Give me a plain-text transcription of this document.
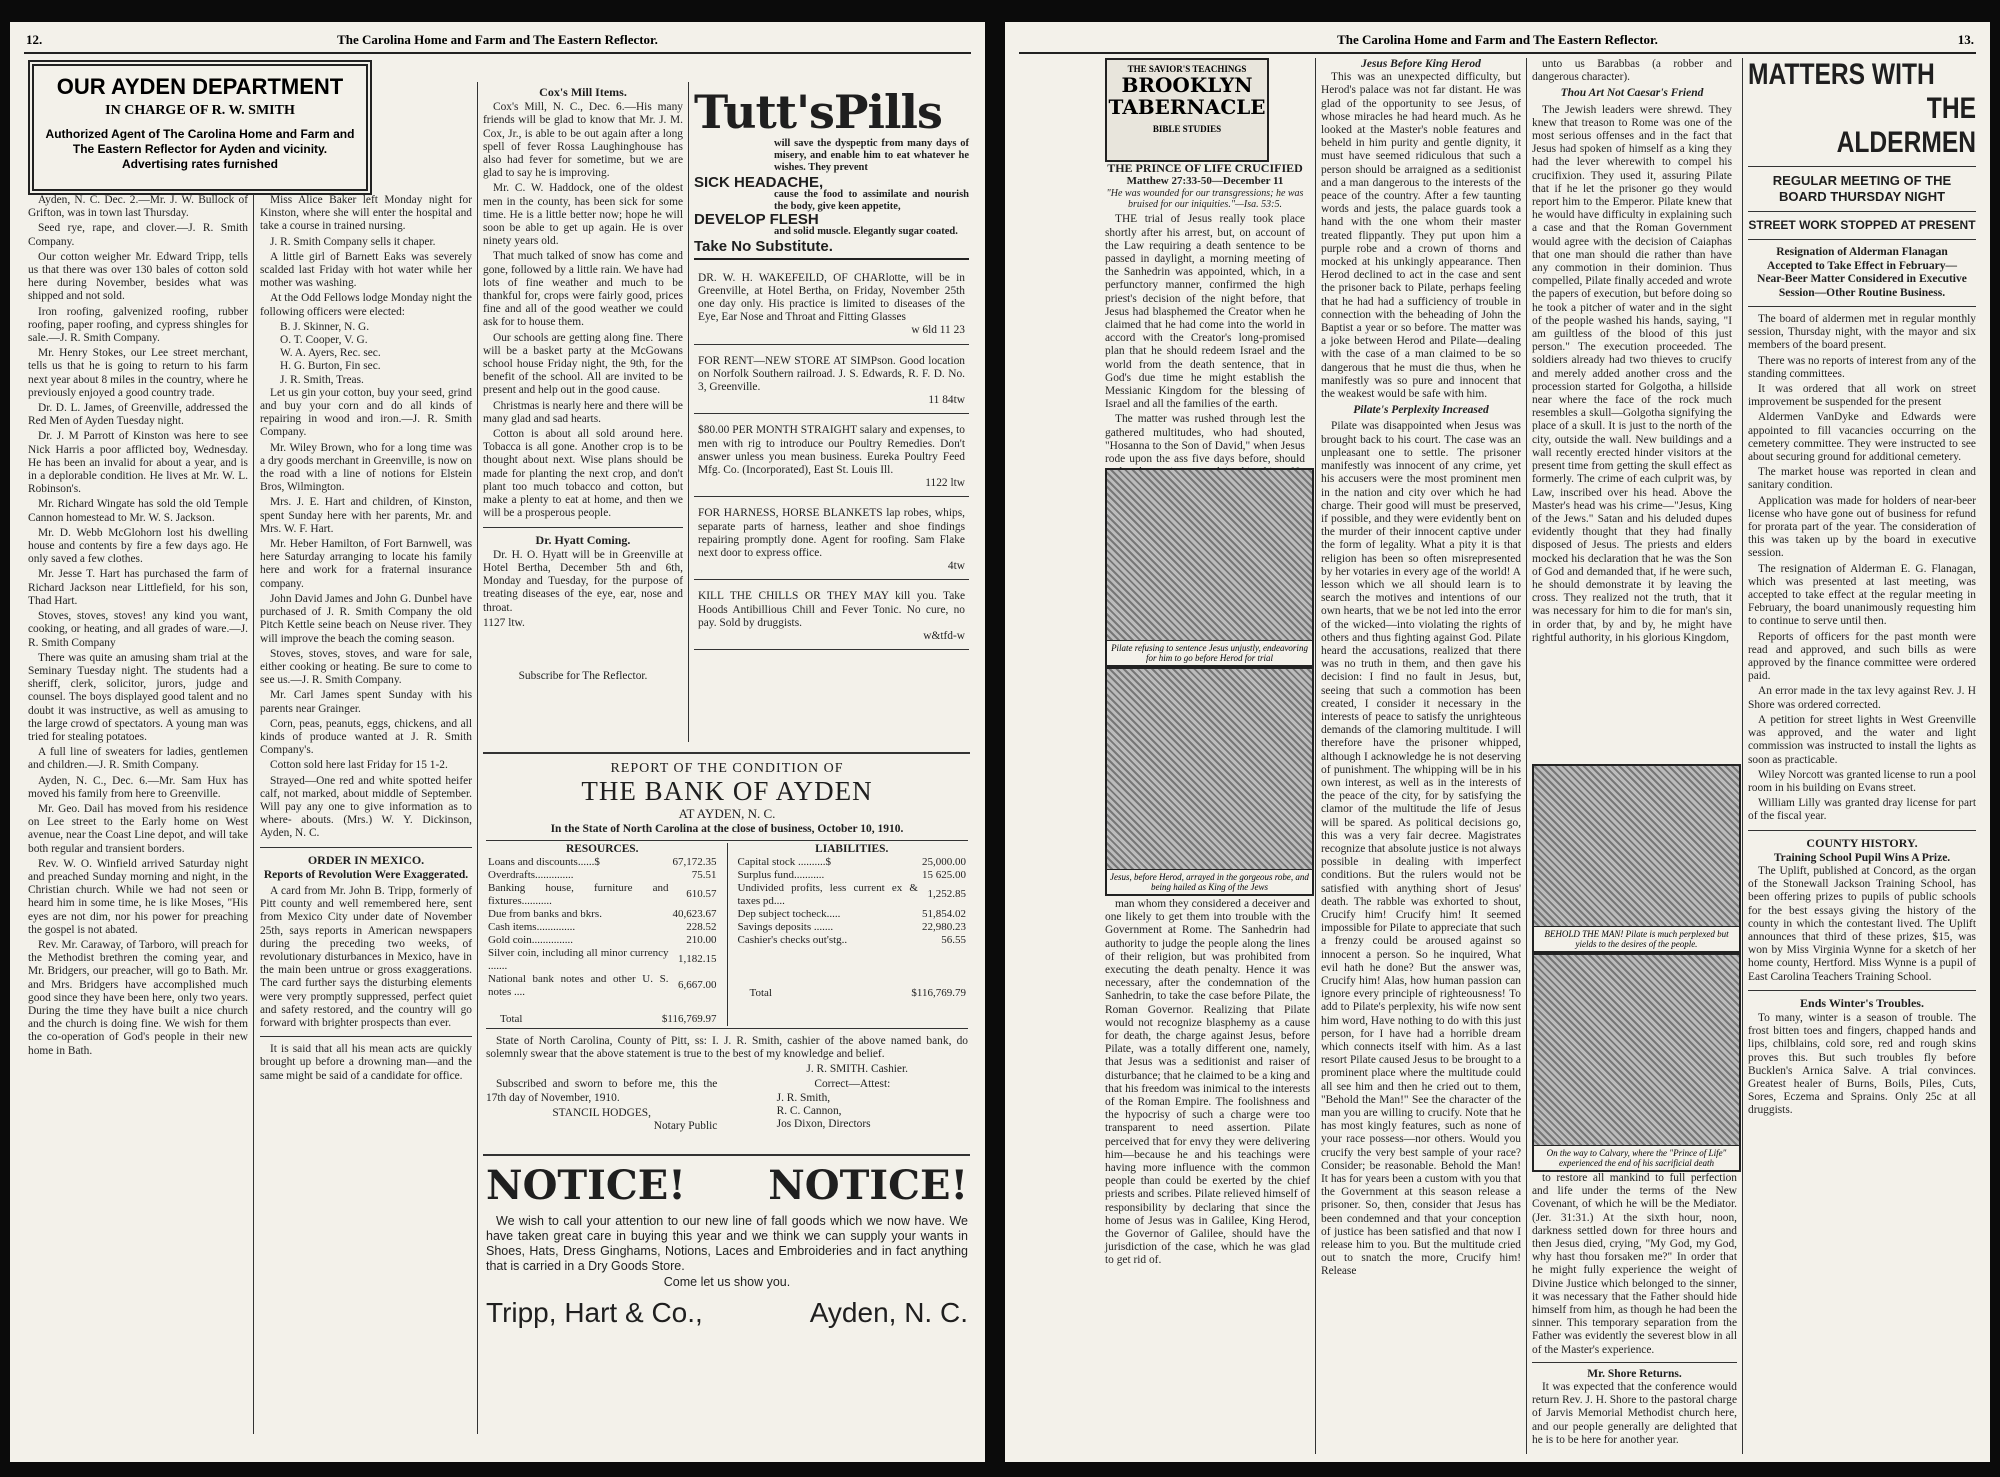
12.	The Carolina Home and Farm and The Eastern Reflector.
OUR AYDEN DEPARTMENT
IN CHARGE OF R. W. SMITH
Authorized Agent of The Carolina Home and Farm and The Eastern Reflector for Ayden and vicinity.
Advertising rates furnished

Ayden, N. C. Dec. 2.—Mr. J. W. Bullock of Grifton, was in town last Thursday.

Seed rye, rape, and clover.—J. R. Smith Company.

Our cotton weigher Mr. Edward Tripp, tells us that there was over 130 bales of cotton sold here during November, besides what was shipped and not sold.

Iron roofing, galvenized roofing, rubber roofing, paper roofing, and cypress shingles for sale.—J. R. Smith Company.

Mr. Henry Stokes, our Lee street merchant, tells us that he is going to return to his farm next year about 8 miles in the country, where he previously enjoyed a good country trade.

Dr. D. L. James, of Greenville, addressed the Red Men of Ayden Tuesday night.

Dr. J. M Parrott of Kinston was here to see Nick Harris a poor afflicted boy, Wednesday. He has been an invalid for about a year, and is in a deplorable condition. He lives at Mr. W. L. Robinson's.

Mr. Richard Wingate has sold the old Temple Cannon homestead to Mr. W. S. Jackson.

Mr. D. Webb McGlohorn lost his dwelling house and contents by fire a few days ago. He only saved a few clothes.

Mr. Jesse T. Hart has purchased the farm of Richard Jackson near Littlefield, for his son, Thad Hart.

Stoves, stoves, stoves! any kind you want, cooking, or heating, and all grades of ware.—J. R. Smith Company

There was quite an amusing sham trial at the Seminary Tuesday night. The students had a sheriff, clerk, solicitor, jurors, judge and counsel. The boys displayed good talent and no doubt it was instructive, as well as amusing to the large crowd of spectators. A young man was tried for stealing potatoes.

A full line of sweaters for ladies, gentlemen and children.—J. R. Smith Company.

Ayden, N. C., Dec. 6.—Mr. Sam Hux has moved his family from here to Greenville.

Mr. Geo. Dail has moved from his residence on Lee street to the Early home on West avenue, near the Coast Line depot, and will take both regular and transient borders.

Rev. W. O. Winfield arrived Saturday night and preached Sunday morning and night, in the Christian church. While we had not seen or heard him in some time, he is like Moses, "His eyes are not dim, nor his power for preaching the gospel is not abated.

Rev. Mr. Caraway, of Tarboro, will preach for the Methodist brethren the coming year, and Mr. Bridgers, our preacher, will go to Bath. Mr. and Mrs. Bridgers have accomplished much good since they have been here, only two years. During the time they have built a nice church and the church is doing fine. We wish for them the co-operation of God's people in their new home in Bath.

Miss Alice Baker left Monday night for Kinston, where she will enter the hospital and take a course in trained nursing.

J. R. Smith Company sells it chaper.

A little girl of Barnett Eaks was severely scalded last Friday with hot water while her mother was washing.

At the Odd Fellows lodge Monday night the following officers were elected:

B. J. Skinner, N. G.

O. T. Cooper, V. G.

W. A. Ayers, Rec. sec.

H. G. Burton, Fin sec.

J. R. Smith, Treas.

Let us gin your cotton, buy your seed, grind and buy your corn and do all kinds of repairing in wood and iron.—J. R. Smith Company.

Mr. Wiley Brown, who for a long time was a dry goods merchant in Greenville, is now on the road with a line of notions for Elstein Bros, Wilmington.

Mrs. J. E. Hart and children, of Kinston, spent Sunday here with her parents, Mr. and Mrs. W. F. Hart.

Mr. Heber Hamilton, of Fort Barnwell, was here Saturday arranging to locate his family here and work for a fraternal insurance company.

John David James and John G. Dunbel have purchased of J. R. Smith Company the old Pitch Kettle seine beach on Neuse river. They will improve the beach the coming season.

Stoves, stoves, stoves, and ware for sale, either cooking or heating. Be sure to come to see us.—J. R. Smith Company.

Mr. Carl James spent Sunday with his parents near Grainger.

Corn, peas, peanuts, eggs, chickens, and all kinds of produce wanted at J. R. Smith Company's.

Cotton sold here last Friday for 15 1-2.

Strayed—One red and white spotted heifer calf, not marked, about middle of September. Will pay any one to give information as to where- abouts. (Mrs.) W. Y. Dickinson, Ayden, N. C.

ORDER IN MEXICO.
Reports of Revolution Were Exaggerated.

A card from Mr. John B. Tripp, formerly of Pitt county and well remembered here, sent from Mexico City under date of November 25th, says reports in American newspapers during the preceding two weeks, of revolutionary disturbances in Mexico, have in the main been untrue or gross exaggerations. The card further says the disturbing elements were very promptly suppressed, perfect quiet and safety restored, and the country will go forward with brighter prospects than ever.

It is said that all his mean acts are quickly brought up before a drowning man—and the same might be said of a candidate for office.

Cox's Mill Items.

Cox's Mill, N. C., Dec. 6.—His many friends will be glad to know that Mr. J. M. Cox, Jr., is able to be out again after a long spell of fever Rossa Laughinghouse has also had fever for sometime, but we are glad to say he is improving.

Mr. C. W. Haddock, one of the oldest men in the county, has been sick for some time. He is a little better now; hope he will soon be able to get up again. He is over ninety years old.

That much talked of snow has come and gone, followed by a little rain. We have had lots of fine weather and much to be thankful for, crops were fairly good, prices fine and all of the good weather we could ask for to house them.

Our schools are getting along fine. There will be a basket party at the McGowans school house Friday night, the 9th, for the benefit of the school. All are invited to be present and help out in the good cause.

Christmas is nearly here and there will be many glad and sad hearts.

Cotton is about all sold around here. Tobacca is all gone. Another crop is to be thought about next. Wise plans should be made for planting the next crop, and don't plant too much tobacco and cotton, but make a plenty to eat at home, and then we will be a prosperous people.

Dr. Hyatt Coming.

Dr. H. O. Hyatt will be in Greenville at Hotel Bertha, December 5th and 6th, Monday and Tuesday, for the purpose of treating diseases of the eye, ear, nose and throat.

1127 ltw.
Subscribe for The Reflector.
Tutt'sPills
will save the dyspeptic from many days of misery, and enable him to eat whatever he wishes. They prevent
SICK HEADACHE,
cause the food to assimilate and nourish the body, give keen appetite,
DEVELOP FLESH
and solid muscle. Elegantly sugar coated.
Take No Substitute.
DR. W. H. WAKEFEILD, OF CHARlotte, will be in Greenville, at Hotel Bertha, on Friday, November 25th one day only. His practice is limited to diseases of the Eye, Ear Nose and Throat and Fitting Glasses
w 6ld 11 23
FOR RENT—NEW STORE AT SIMPson. Good location on Norfolk Southern railroad. J. S. Edwards, R. F. D. No. 3, Greenville.
11 84tw
$80.00 PER MONTH STRAIGHT salary and expenses, to men with rig to introduce our Poultry Remedies. Don't answer unless you mean business. Eureka Poultry Feed Mfg. Co. (Incorporated), East St. Louis Ill.
1122 ltw
FOR HARNESS, HORSE BLANKETS lap robes, whips, separate parts of harness, leather and shoe findings repairing promptly done. Agent for roofing. Sam Flake next door to express office.
4tw
KILL THE CHILLS OR THEY MAY kill you. Take Hoods Antibillious Chill and Fever Tonic. No cure, no pay. Sold by druggists.
w&tfd-w
REPORT OF THE CONDITION OF
THE BANK OF AYDEN
AT AYDEN, N. C.
In the State of North Carolina at the close of business, October 10, 1910.
RESOURCES.
Loans and discounts......$	67,172.35
Overdrafts..............	75.51
Banking house, furniture and fixtures...........	610.57
Due from banks and bkrs.	40,623.67
Cash items..............	228.52
Gold coin...............	210.00
Silver coin, including all minor currency .......	1,182.15
National bank notes and other U. S. notes ....	6,667.00
Total	$116,769.97
LIABILITIES.
Capital stock ..........$	25,000.00
Surplus fund...........	15 625.00
Undivided profits, less current ex & taxes pd....	1,252.85
Dep subject tocheck.....	51,854.02
Savings deposits .......	22,980.23
Cashier's checks out'stg..	56.55
Total	$116,769.79

State of North Carolina, County of Pitt, ss: I. J. R. Smith, cashier of the above named bank, do solemnly swear that the above statement is true to the best of my knowledge and belief.

J. R. SMITH. Cashier.

Subscribed and sworn to before me, this the 17th day of November, 1910.

STANCIL HODGES,
Notary Public
Correct—Attest:
J. R. Smith,
R. C. Cannon,
Jos Dixon, Directors
NOTICE! NOTICE!

We wish to call your attention to our new line of fall goods which we now have. We have taken great care in buying this year and we think we can supply your wants in Shoes, Hats, Dress Ginghams, Notions, Laces and Embroideries and in fact anything that is carried in a Dry Goods Store.

Come let us show you.
Tripp, Hart & Co.,	Ayden, N. C.
The Carolina Home and Farm and The Eastern Reflector.	13.
THE SAVIOR'S TEACHINGS
BROOKLYN
TABERNACLE
BIBLE STUDIES
THE PRINCE OF LIFE CRUCIFIED
Matthew 27:33-50—December 11
"He was wounded for our transgressions; he was bruised for our iniquities."—Isa. 53:5.

THE trial of Jesus really took place shortly after his arrest, but, on account of the Law requiring a death sentence to be passed in daylight, a morning meeting of the Sanhedrin was appointed, which, in a perfunctory manner, confirmed the high priest's decision of the night before, that Jesus had blasphemed the Creator when he claimed that he had come into the world in accord with the Creator's long-promised plan that he should redeem Israel and the world from the death sentence, that in God's due time he might establish the Messianic Kingdom for the blessing of Israel and all the families of the earth.

The matter was rushed through lest the gathered multitudes, who had shouted, "Hosanna to the Son of David," when Jesus rode upon the ass five days before, should

Pilate refusing to sentence Jesus unjustly, endeavoring for him to go before Herod for trial
Jesus, before Herod, arrayed in the gorgeous robe, and being hailed as King of the Jews

man whom they considered a deceiver and one likely to get them into trouble with the Government at Rome. The Sanhedrin had authority to judge the people along the lines of their religion, but was prohibited from executing the death penalty. Hence it was necessary, after the condemnation of the Sanhedrin, to take the case before Pilate, the Roman Governor. Realizing that Pilate would not recognize blasphemy as a cause for death, the charge against Jesus, before Pilate, was a totally different one, namely, that Jesus was a seditionist and raiser of disturbance; that he claimed to be a king and that his freedom was inimical to the interests of the Roman Empire. The foolishness and the hypocrisy of such a charge were too transparent to need assertion. Pilate perceived that for envy they were delivering him—because he and his teachings were having more influence with the common people than could be exerted by the chief priests and scribes. Pilate relieved himself of responsibility by declaring that since the home of Jesus was in Galilee, King Herod, the Governor of Galilee, should have the jurisdiction of the case, which he was glad to get rid of.

Jesus Before King Herod

This was an unexpected difficulty, but Herod's palace was not far distant. He was glad of the opportunity to see Jesus, of whose miracles he had heard much. As he looked at the Master's noble features and beheld in him purity and gentle dignity, it must have seemed ridiculous that such a person should be arraigned as a seditionist and a man dangerous to the interests of the peace of the country. After a few taunting words and jests, the palace guards took a hand with the one whom their master treated flippantly. They put upon him a purple robe and a crown of thorns and mocked at his unkingly appearance. Then Herod declined to act in the case and sent the prisoner back to Pilate, perhaps feeling that he had had a sufficiency of trouble in connection with the beheading of John the Baptist a year or so before. The matter was a joke between Herod and Pilate—dealing with the case of a man claimed to be so dangerous that he must die thus, when he manifestly was so pure and innocent that the weakest would be safe with him.

Pilate's Perplexity Increased

Pilate was disappointed when Jesus was brought back to his court. The case was an unpleasant one to settle. The prisoner manifestly was innocent of any crime, yet his accusers were the most prominent men in the nation and city over which he had charge. Their good will must be preserved, if possible, and they were evidently bent on the murder of their innocent captive under the form of legality. What a pity it is that religion has been so often misrepresented by her votaries in every age of the world! A lesson which we all should learn is to search the motives and intentions of our own hearts, that we be not led into the error of the wicked—into violating the rights of others and thus fighting against God. Pilate heard the accusations, realized that there was no truth in them, and then gave his decision: I find no fault in Jesus, but, seeing that such a commotion has been created, I consider it necessary in the interests of peace to satisfy the unrighteous demands of the clamoring multitude. I will therefore have the prisoner whipped, although I acknowledge he is not deserving of punishment. The whipping will be in his own interest, as well as in the interests of the peace of the city, for by satisfying the clamor of the multitude the life of Jesus will be spared. As political decisions go, this was a very fair decree. Magistrates recognize that absolute justice is not always possible in dealing with imperfect conditions. But the rulers would not be satisfied with anything short of Jesus' death. The rabble was exhorted to shout, Crucify him! Crucify him! It seemed impossible for Pilate to appreciate that such a frenzy could be aroused against so innocent a person. So he inquired, What evil hath he done? But the answer was, Crucify him! Alas, how human passion can ignore every principle of righteousness! To add to Pilate's perplexity, his wife now sent him word, Have nothing to do with this just person, for I have had a horrible dream which connects itself with him. As a last resort Pilate caused Jesus to be brought to a prominent place where the multitude could all see him and then he cried out to them, "Behold the Man!" See the character of the man you are willing to crucify. Note that he has most kingly features, such as none of your race possess—nor others. Would you crucify the very best sample of your race? Consider; be reasonable. Behold the Man! It has for years been a custom with you that the Government at this season release a prisoner. So, then, consider that Jesus has been condemned and that your conception of justice has been satisfied and that now I release him to you. But the multitude cried out to snatch the more, Crucify him! Release

unto us Barabbas (a robber and dangerous character).

Thou Art Not Caesar's Friend

The Jewish leaders were shrewd. They knew that treason to Rome was one of the most serious offenses and in the fact that Jesus had spoken of himself as a king they had the lever wherewith to compel his crucifixion. They used it, assuring Pilate that if he let the prisoner go they would report him to the Emperor. Pilate knew that he would have difficulty in explaining such a case and that the Roman Government would agree with the decision of Caiaphas that one man should die rather than have any commotion in their dominion. Thus compelled, Pilate finally acceded and wrote the papers of execution, but before doing so he took a pitcher of water and in the sight of the people washed his hands, saying, "I am guiltless of the blood of this just person." The execution proceeded. The soldiers already had two thieves to crucify and merely added another cross and the procession started for Golgotha, a hillside near where the face of the rock much resembles a skull—Golgotha signifying the place of a skull. It is just to the north of the city, outside the wall. New buildings and a wall recently erected hinder visitors at the present time from getting the skull effect as formerly. The crime of each culprit was, by Law, inscribed over his head. Above the Master's head was his crime—"Jesus, King of the Jews." Satan and his deluded dupes evidently thought that they had finally disposed of Jesus. The priests and elders mocked his declaration that he was the Son of God and demanded that, if he were such, he should demonstrate it by leaving the cross. They realized not the truth, that it was necessary for him to die for man's sin, in order that, by and by, he might have rightful authority, in his glorious Kingdom,

BEHOLD THE MAN! Pilate is much perplexed but yields to the desires of the people.
On the way to Calvary, where the "Prince of Life" experienced the end of his sacrificial death

to restore all mankind to full perfection and life under the terms of the New Covenant, of which he will be the Mediator. (Jer. 31:31.) At the sixth hour, noon, darkness settled down for three hours and then Jesus died, crying, "My God, my God, why hast thou forsaken me?" In order that he might fully experience the weight of Divine Justice which belonged to the sinner, it was necessary that the Father should hide himself from him, as though he had been the sinner. This temporary separation from the Father was evidently the severest blow in all of the Master's experience.

Mr. Shore Returns.

It was expected that the conference would return Rev. J. H. Shore to the pastoral charge of Jarvis Memorial Methodist church here, and our people generally are delighted that he is to be here for another year.

MATTERS WITH
THE ALDERMEN
REGULAR MEETING OF THE BOARD THURSDAY NIGHT
STREET WORK STOPPED AT PRESENT
Resignation of Alderman Flanagan Accepted to Take Effect in February—Near-Beer Matter Considered in Executive Session—Other Routine Business.

The board of aldermen met in regular monthly session, Thursday night, with the mayor and six members of the board present.

There was no reports of interest from any of the standing committees.

It was ordered that all work on street improvement be suspended for the present

Aldermen VanDyke and Edwards were appointed to fill vacancies occurring on the cemetery committee. They were instructed to see about securing ground for additional cemetery.

The market house was reported in clean and sanitary condition.

Application was made for holders of near-beer license who have gone out of business for refund for prorata part of the year. The consideration of this was taken up by the board in executive session.

The resignation of Alderman E. G. Flanagan, which was presented at last meeting, was accepted to take effect at the regular meeting in February, the board unanimously requesting him to continue to serve until then.

Reports of officers for the past month were read and approved, and such bills as were approved by the finance committee were ordered paid.

An error made in the tax levy against Rev. J. H Shore was ordered corrected.

A petition for street lights in West Greenville was approved, and the water and light commission was instructed to install the lights as soon as practicable.

Wiley Norcott was granted license to run a pool room in his building on Evans street.

William Lilly was granted dray license for part of the fiscal year.

COUNTY HISTORY.
Training School Pupil Wins A Prize.

The Uplift, published at Concord, as the organ of the Stonewall Jackson Training School, has been offering prizes to pupils of public schools for the best essays giving the history of the county in which the contestant lived. The Uplift announces that third of these prizes, $15, was won by Miss Virginia Wynne for a sketch of her home county, Hertford. Miss Wynne is a pupil of East Carolina Teachers Training School.

Ends Winter's Troubles.

To many, winter is a season of trouble. The frost bitten toes and fingers, chapped hands and lips, chilblains, cold sore, red and rough skins proves this. But such troubles fly before Bucklen's Arnica Salve. A trial convinces. Greatest healer of Burns, Boils, Piles, Cuts, Sores, Eczema and Sprains. Only 25c at all druggists.
